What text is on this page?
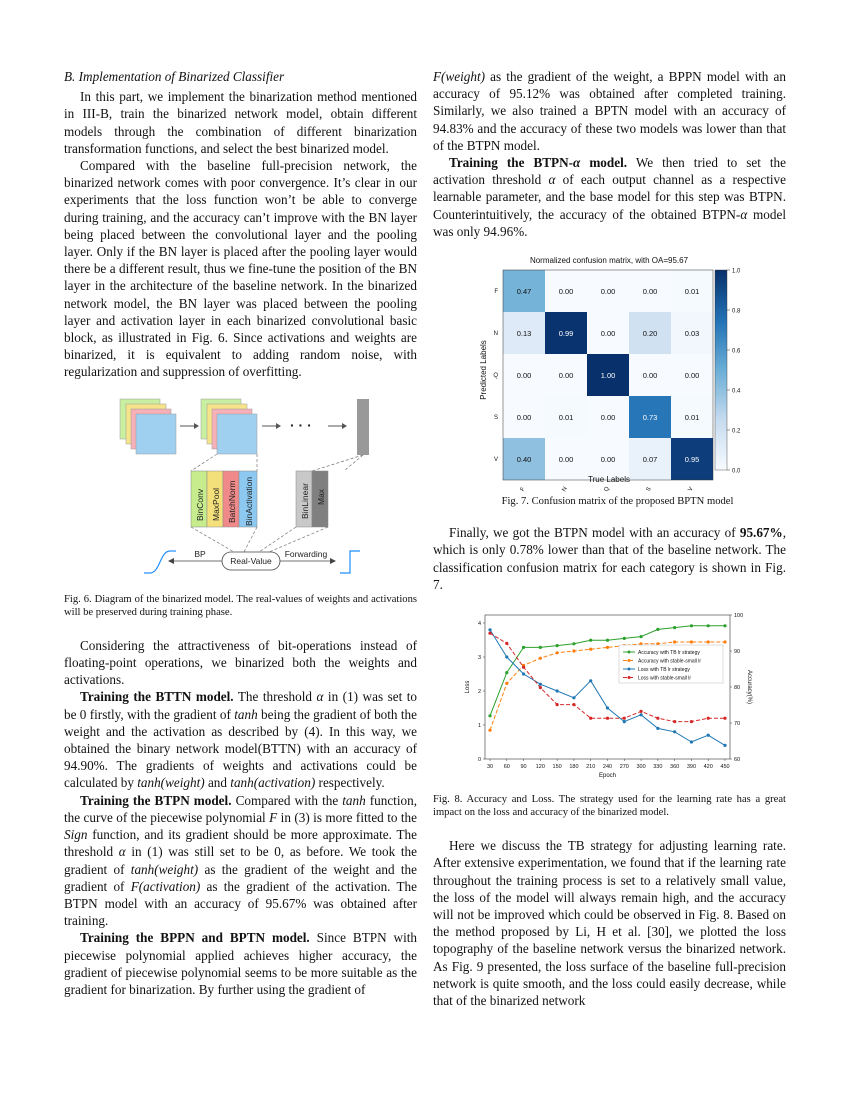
B. Implementation of Binarized Classifier

In this part, we implement the binarization method mentioned in III-B, train the binarized network model, obtain different models through the combination of different binarization transformation functions, and select the best binarized model.

Compared with the baseline full-precision network, the binarized network comes with poor convergence. It’s clear in our experiments that the loss function won’t be able to converge during training, and the accuracy can’t improve with the BN layer being placed between the convolutional layer and the pooling layer. Only if the BN layer is placed after the pooling layer would there be a different result, thus we fine-tune the position of the BN layer in the architecture of the baseline network. In the binarized network model, the BN layer was placed between the pooling layer and activation layer in each binarized convolutional basic block, as illustrated in Fig. 6. Since activations and weights are binarized, it is equivalent to adding random noise, with regularization and suppression of overfitting.

· · ·
BinConv MaxPool BatchNorm BinActivation	BinLinear Max
Real-Value
BP	Forwarding

Fig. 6. Diagram of the binarized model. The real-values of weights and activations will be preserved during training phase.

Considering the attractiveness of bit-operations instead of floating-point operations, we binarized both the weights and activations.

Training the BTTN model. The threshold α in (1) was set to be 0 firstly, with the gradient of tanh being the gradient of both the weight and the activation as described by (4). In this way, we obtained the binary network model(BTTN) with an accuracy of 94.90%. The gradients of weights and activations could be calculated by tanh(weight) and tanh(activation) respectively.

Training the BTPN model. Compared with the tanh function, the curve of the piecewise polynomial F in (3) is more fitted to the Sign function, and its gradient should be more approximate. The threshold α in (1) was still set to be 0, as before. We took the gradient of tanh(weight) as the gradient of the weight and the gradient of F(activation) as the gradient of the activation. The BTPN model with an accuracy of 95.67% was obtained after training.

Training the BPPN and BPTN model. Since BTPN with piecewise polynomial applied achieves higher accuracy, the gradient of piecewise polynomial seems to be more suitable as the gradient for binarization. By further using the gradient of

F(weight) as the gradient of the weight, a BPPN model with an accuracy of 95.12% was obtained after completed training. Similarly, we also trained a BPTN model with an accuracy of 94.83% and the accuracy of these two models was lower than that of the BTPN model.

Training the BTPN-α model. We then tried to set the activation threshold α of each output channel as a respective learnable parameter, and the base model for this step was BTPN. Counterintuitively, the accuracy of the obtained BTPN-α model was only 94.96%.

Normalized confusion matrix, with OA=95.67
0.47	0.00	0.00	0.00	0.01
0.13	0.99	0.00	0.20	0.03
0.00	0.00	1.00	0.00	0.00
0.00	0.01	0.00	0.73	0.01
0.40	0.00	0.00	0.07	0.95
F
F
N
N
Q
Q
S
S
V
V
True Labels
Predicted Labels
1.0
0.8
0.6
0.4
0.2
0.0

Fig. 7. Confusion matrix of the proposed BPTN model

Finally, we got the BTPN model with an accuracy of 95.67%, which is only 0.78% lower than that of the baseline network. The classification confusion matrix for each category is shown in Fig. 7.

30 60 90 120 150 180 210 240 270 300 330 360 390 420 450
0
1
2
3
4
60
70
80
90
100
Epoch
Loss	Accuracy(%)
Accuracy with TB lr strategy
Accuracy with stable-small lr
Loss with TB lr strategy
Loss with stable-small lr

Fig. 8. Accuracy and Loss. The strategy used for the learning rate has a great impact on the loss and accuracy of the binarized model.

Here we discuss the TB strategy for adjusting learning rate. After extensive experimentation, we found that if the learning rate throughout the training process is set to a relatively small value, the loss of the model will always remain high, and the accuracy will not be improved which could be observed in Fig. 8. Based on the method proposed by Li, H et al. [30], we plotted the loss topography of the baseline network versus the binarized network. As Fig. 9 presented, the loss surface of the baseline full-precision network is quite smooth, and the loss could easily decrease, while that of the binarized network
